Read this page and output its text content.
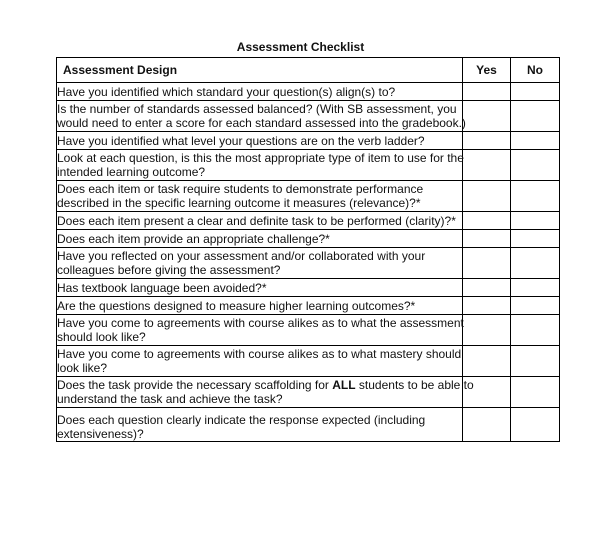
Assessment Checklist
Assessment Design	Yes	No
Have you identified which standard your question(s) align(s) to?		
Is the number of standards assessed balanced? (With SB assessment, you
would need to enter a score for each standard assessed into the gradebook.)		
Have you identified what level your questions are on the verb ladder?		
Look at each question, is this the most appropriate type of item to use for the
intended learning outcome?		
Does each item or task require students to demonstrate performance
described in the specific learning outcome it measures (relevance)?*		
Does each item present a clear and definite task to be performed (clarity)?*		
Does each item provide an appropriate challenge?*		
Have you reflected on your assessment and/or collaborated with your
colleagues before giving the assessment?		
Has textbook language been avoided?*		
Are the questions designed to measure higher learning outcomes?*		
Have you come to agreements with course alikes as to what the assessment
should look like?		
Have you come to agreements with course alikes as to what mastery should
look like?		
Does the task provide the necessary scaffolding for ALL students to be able to
understand the task and achieve the task?		
Does each question clearly indicate the response expected (including
extensiveness)?		
